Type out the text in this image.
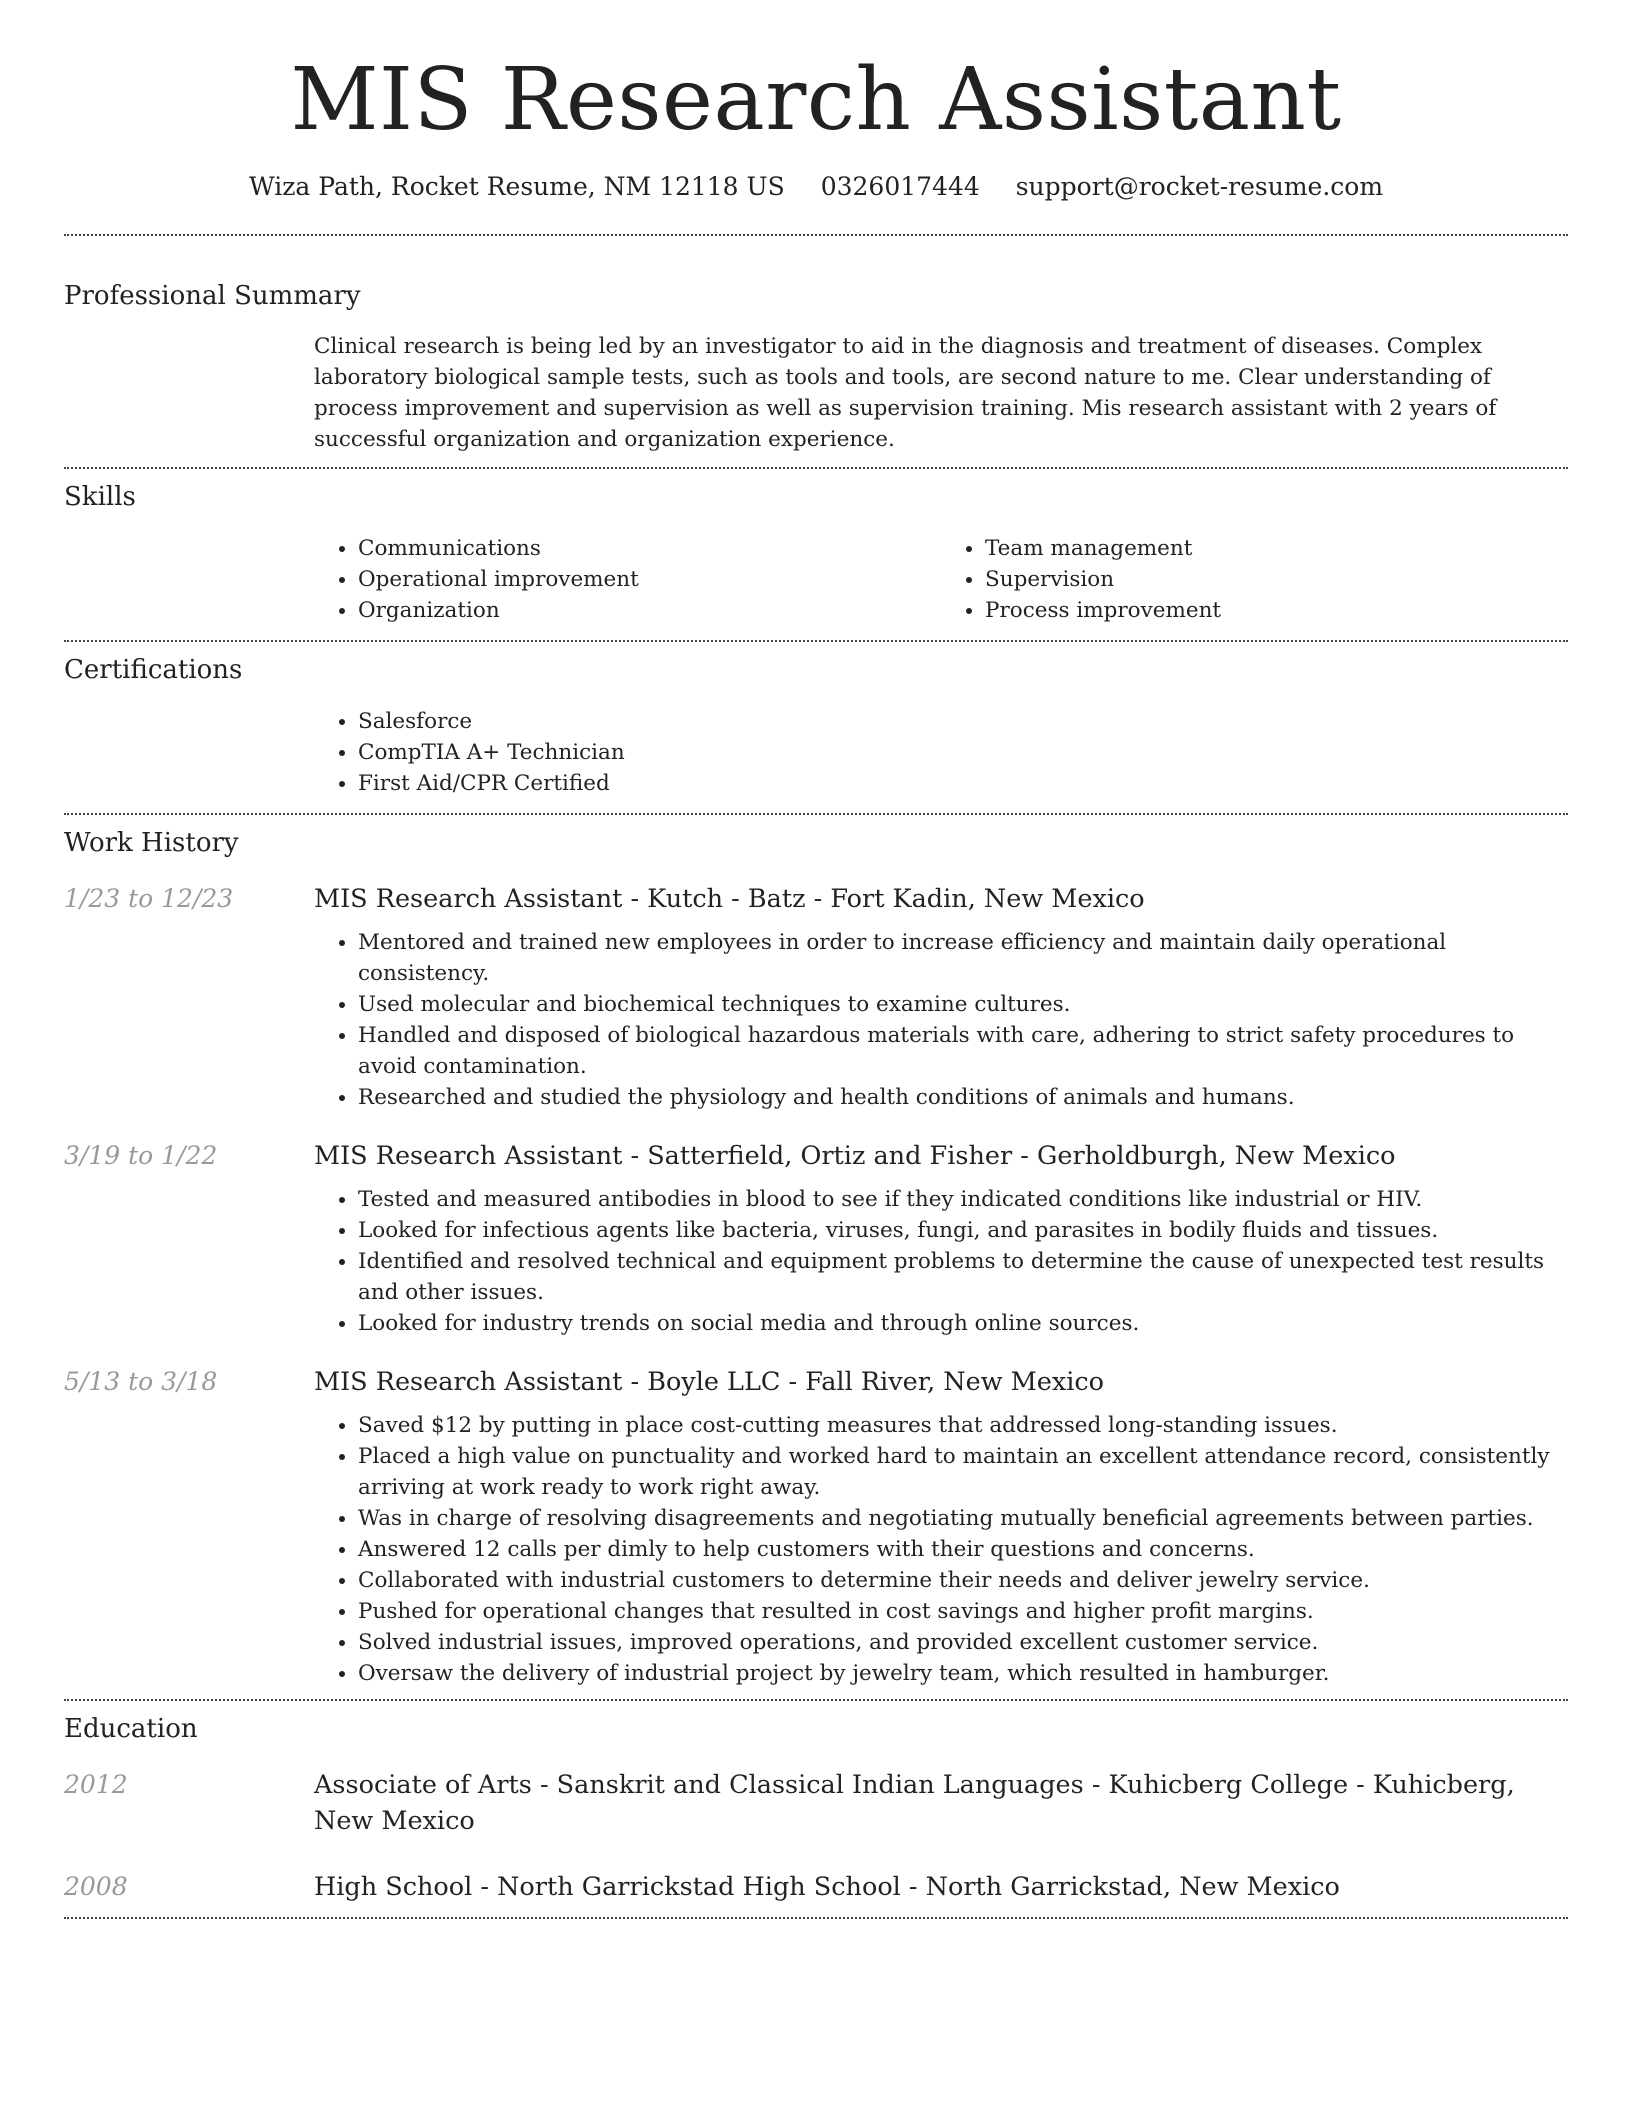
MIS Research Assistant
Wiza Path, Rocket Resume, NM 12118 US 0326017444 support@rocket-resume.com
Professional Summary

Clinical research is being led by an investigator to aid in the diagnosis and treatment of diseases. Complex laboratory biological sample tests, such as tools and tools, are second nature to me. Clear understanding of process improvement and supervision as well as supervision training. Mis research assistant with 2 years of successful organization and organization experience.

Skills
• Communications
• Operational improvement
• Organization
• Team management
• Supervision
• Process improvement
Certifications
• Salesforce
• CompTIA A+ Technician
• First Aid/CPR Certified
Work History
1/23 to 12/23	MIS Research Assistant - Kutch - Batz - Fort Kadin, New Mexico
• Mentored and trained new employees in order to increase efficiency and maintain daily operational consistency.
• Used molecular and biochemical techniques to examine cultures.
• Handled and disposed of biological hazardous materials with care, adhering to strict safety procedures to avoid contamination.
• Researched and studied the physiology and health conditions of animals and humans.
3/19 to 1/22	MIS Research Assistant - Satterfield, Ortiz and Fisher - Gerholdburgh, New Mexico
• Tested and measured antibodies in blood to see if they indicated conditions like industrial or HIV.
• Looked for infectious agents like bacteria, viruses, fungi, and parasites in bodily fluids and tissues.
• Identified and resolved technical and equipment problems to determine the cause of unexpected test results and other issues.
• Looked for industry trends on social media and through online sources.
5/13 to 3/18	MIS Research Assistant - Boyle LLC - Fall River, New Mexico
• Saved $12 by putting in place cost-cutting measures that addressed long-standing issues.
• Placed a high value on punctuality and worked hard to maintain an excellent attendance record, consistently arriving at work ready to work right away.
• Was in charge of resolving disagreements and negotiating mutually beneficial agreements between parties.
• Answered 12 calls per dimly to help customers with their questions and concerns.
• Collaborated with industrial customers to determine their needs and deliver jewelry service.
• Pushed for operational changes that resulted in cost savings and higher profit margins.
• Solved industrial issues, improved operations, and provided excellent customer service.
• Oversaw the delivery of industrial project by jewelry team, which resulted in hamburger.
Education
2012	Associate of Arts - Sanskrit and Classical Indian Languages - Kuhicberg College - Kuhicberg, New Mexico
2008	High School - North Garrickstad High School - North Garrickstad, New Mexico
